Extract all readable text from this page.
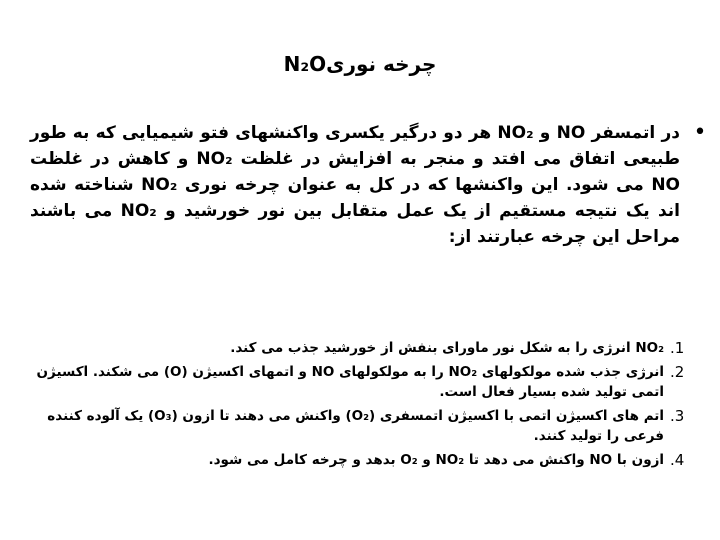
چرخه نوریN₂O
•
در اتمسفر NO و NO₂ هر دو درگیر یکسری واکنشهای فتو شیمیایی که به طور طبیعی اتفاق می افتد و منجر به افزایش در غلظت NO₂ و کاهش در غلظت NO می شود. این واکنشها که در کل به عنوان چرخه نوری NO₂ شناخته شده اند یک نتیجه مستقیم از یک عمل متقابل بین نور خورشید و NO₂ می باشند مراحل این چرخه عبارتند از:
.1
NO₂ انرژی را به شکل نور ماورای بنفش از خورشید جذب می کند.
.2
انرژی جذب شده مولکولهای NO₂ را به مولکولهای NO و اتمهای اکسیژن (O) می شکند. اکسیژن اتمی تولید شده بسیار فعال است.
.3
اتم های اکسیژن اتمی با اکسیژن اتمسفری (O₂) واکنش می دهند تا ازون (O₃) یک آلوده کننده فرعی را تولید کنند.
.4
ازون با NO واکنش می دهد تا NO₂ و O₂ بدهد و چرخه کامل می شود.
